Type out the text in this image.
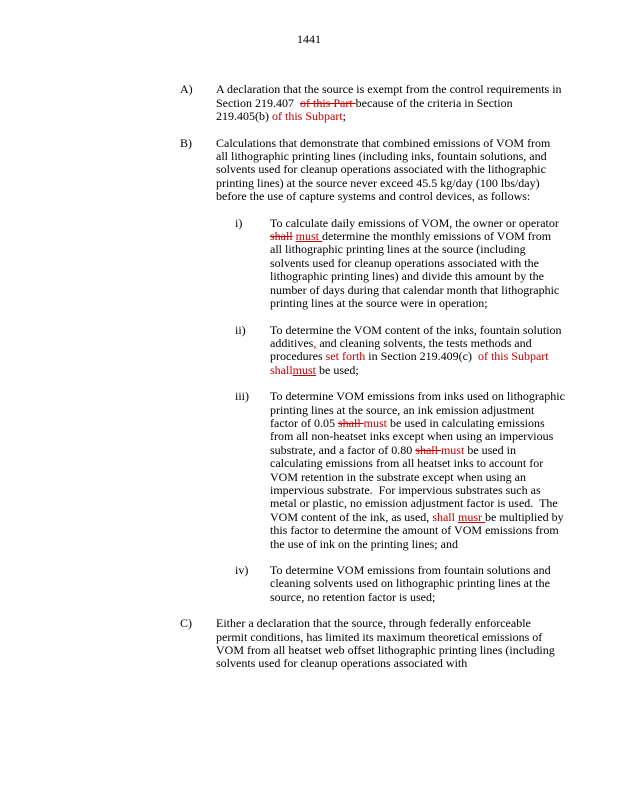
1441
A)	A declaration that the source is exempt from the control requirements in Section 219.407  of this Part because of the criteria in Section 219.405(b) of this Subpart;
B)	Calculations that demonstrate that combined emissions of VOM from all lithographic printing lines (including inks, fountain solutions, and solvents used for cleanup operations associated with the lithographic printing lines) at the source never exceed 45.5 kg/day (100 lbs/day) before the use of capture systems and control devices, as follows:
i)	To calculate daily emissions of VOM, the owner or operator shall must determine the monthly emissions of VOM from all lithographic printing lines at the source (including solvents used for cleanup operations associated with the lithographic printing lines) and divide this amount by the number of days during that calendar month that lithographic printing lines at the source were in operation;
ii)	To determine the VOM content of the inks, fountain solution additives, and cleaning solvents, the tests methods and procedures set forth in Section 219.409(c)  of this Subpart shallmust be used;
iii)	To determine VOM emissions from inks used on lithographic printing lines at the source, an ink emission adjustment factor of 0.05 shall must be used in calculating emissions from all non-heatset inks except when using an impervious substrate, and a factor of 0.80 shall must be used in calculating emissions from all heatset inks to account for VOM retention in the substrate except when using an impervious substrate.  For impervious substrates such as metal or plastic, no emission adjustment factor is used.  The VOM content of the ink, as used, shall musr be multiplied by this factor to determine the amount of VOM emissions from the use of ink on the printing lines; and
iv)	To determine VOM emissions from fountain solutions and cleaning solvents used on lithographic printing lines at the source, no retention factor is used;
C)	Either a declaration that the source, through federally enforceable permit conditions, has limited its maximum theoretical emissions of VOM from all heatset web offset lithographic printing lines (including solvents used for cleanup operations associated with
